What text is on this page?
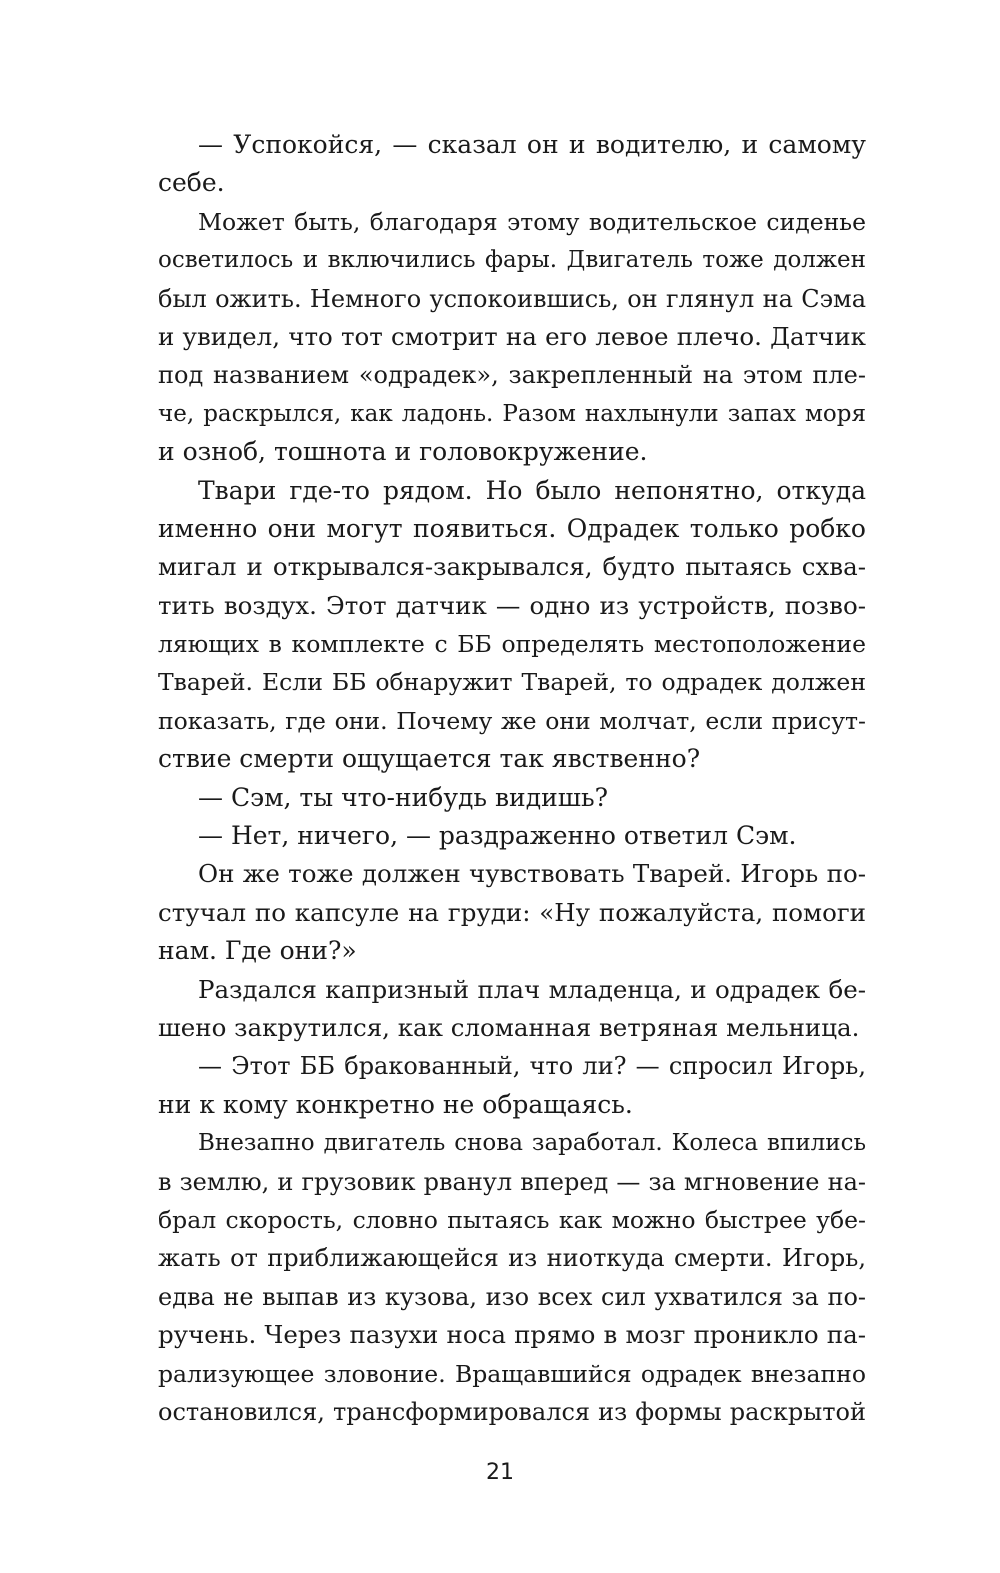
— Успокойся, — сказал он и водителю, и самому
себе.
Может быть, благодаря этому водительское сиденье
осветилось и включились фары. Двигатель тоже должен
был ожить. Немного успокоившись, он глянул на Сэма
и увидел, что тот смотрит на его левое плечо. Датчик
под названием «одрадек», закрепленный на этом пле-
че, раскрылся, как ладонь. Разом нахлынули запах моря
и озноб, тошнота и головокружение.
Твари где-то рядом. Но было непонятно, откуда
именно они могут появиться. Одрадек только робко
мигал и открывался-закрывался, будто пытаясь схва-
тить воздух. Этот датчик — одно из устройств, позво-
ляющих в комплекте с ББ определять местоположение
Тварей. Если ББ обнаружит Тварей, то одрадек должен
показать, где они. Почему же они молчат, если присут-
ствие смерти ощущается так явственно?
— Сэм, ты что-нибудь видишь?
— Нет, ничего, — раздраженно ответил Сэм.
Он же тоже должен чувствовать Тварей. Игорь по-
стучал по капсуле на груди: «Ну пожалуйста, помоги
нам. Где они?»
Раздался капризный плач младенца, и одрадек бе-
шено закрутился, как сломанная ветряная мельница.
— Этот ББ бракованный, что ли? — спросил Игорь,
ни к кому конкретно не обращаясь.
Внезапно двигатель снова заработал. Колеса впились
в землю, и грузовик рванул вперед — за мгновение на-
брал скорость, словно пытаясь как можно быстрее убе-
жать от приближающейся из ниоткуда смерти. Игорь,
едва не выпав из кузова, изо всех сил ухватился за по-
ручень. Через пазухи носа прямо в мозг проникло па-
рализующее зловоние. Вращавшийся одрадек внезапно
остановился, трансформировался из формы раскрытой
21
